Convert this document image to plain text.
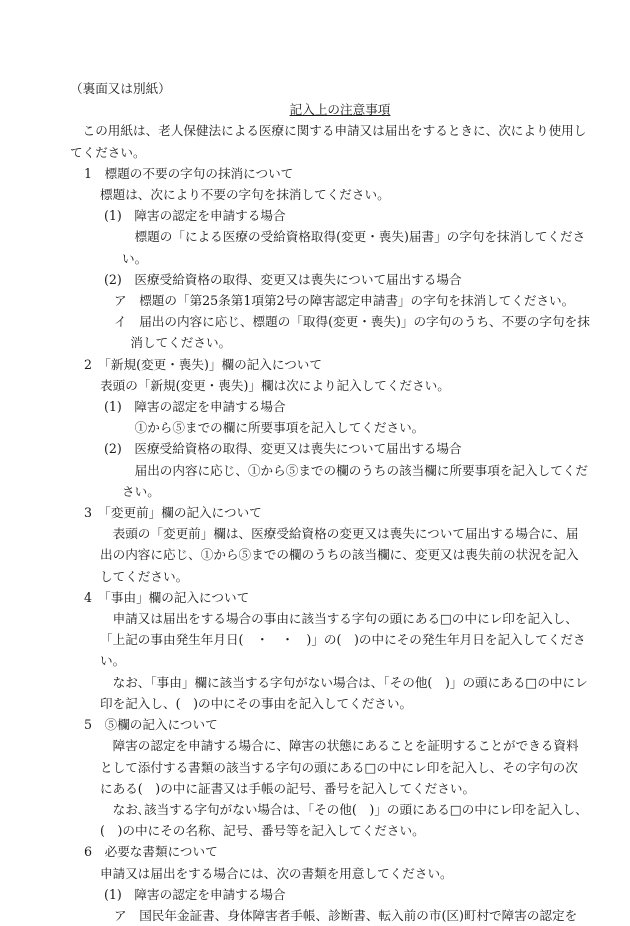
（裏面又は別紙）
記入上の注意事項
この用紙は、老人保健法による医療に関する申請又は届出をするときに、次により使用してください。
1　標題の不要の字句の抹消について
標題は、次により不要の字句を抹消してください。
(1)　障害の認定を申請する場合
標題の「による医療の受給資格取得(変更・喪失)届書」の字句を抹消してください。
(2)　医療受給資格の取得、変更又は喪失について届出する場合
ア　標題の「第25条第1項第2号の障害認定申請書」の字句を抹消してください。
イ　届出の内容に応じ、標題の「取得(変更・喪失)」の字句のうち、不要の字句を抹消してください。
2　「新規(変更・喪失)」欄の記入について
表頭の「新規(変更・喪失)」欄は次により記入してください。
(1)　障害の認定を申請する場合
①から⑤までの欄に所要事項を記入してください。
(2)　医療受給資格の取得、変更又は喪失について届出する場合
届出の内容に応じ、①から⑤までの欄のうちの該当欄に所要事項を記入してください。
3　「変更前」欄の記入について
表頭の「変更前」欄は、医療受給資格の変更又は喪失について届出する場合に、届出の内容に応じ、①から⑤までの欄のうちの該当欄に、変更又は喪失前の状況を記入してください。
4　「事由」欄の記入について
申請又は届出をする場合の事由に該当する字句の頭にある□の中にレ印を記入し、「上記の事由発生年月日(　・　・　)」の(　)の中にその発生年月日を記入してください。
なお、「事由」欄に該当する字句がない場合は、「その他(　)」の頭にある□の中にレ印を記入し、(　)の中にその事由を記入してください。
5　⑤欄の記入について
障害の認定を申請する場合に、障害の状態にあることを証明することができる資料として添付する書類の該当する字句の頭にある□の中にレ印を記入し、その字句の次にある(　)の中に証書又は手帳の記号、番号を記入してください。
なお､該当する字句がない場合は、「その他(　)」の頭にある□の中にレ印を記入し、(　)の中にその名称、記号、番号等を記入してください。
6　必要な書類について
申請又は届出をする場合には、次の書類を用意してください。
(1)　障害の認定を申請する場合
ア　国民年金証書、身体障害者手帳、診断書、転入前の市(区)町村で障害の認定を
